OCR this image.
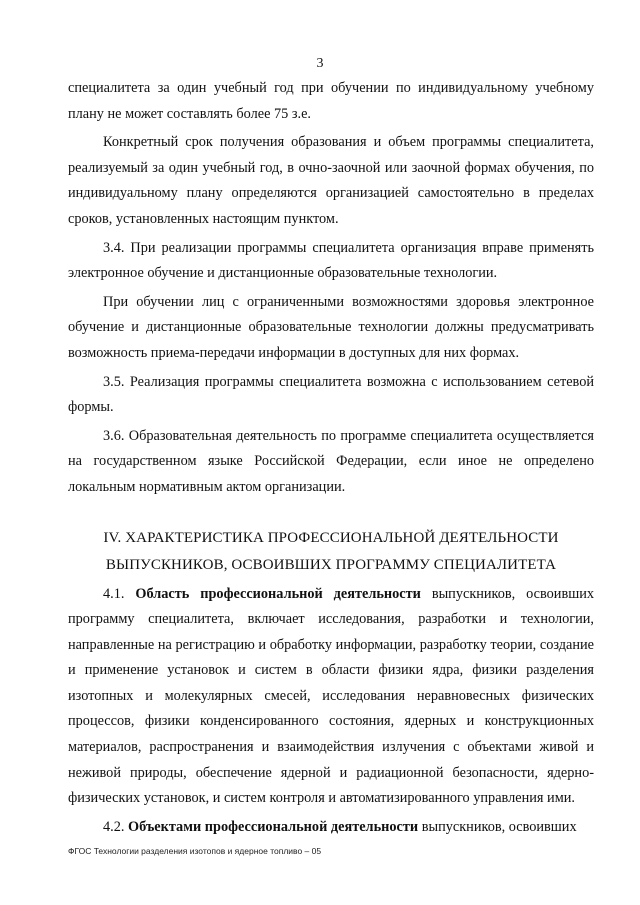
3

специалитета за один учебный год при обучении по индивидуальному учебному плану не может составлять более 75 з.е.

Конкретный срок получения образования и объем программы специалитета, реализуемый за один учебный год, в очно-заочной или заочной формах обучения, по индивидуальному плану определяются организацией самостоятельно в пределах сроков, установленных настоящим пунктом.

3.4. При реализации программы специалитета организация вправе применять электронное обучение и дистанционные образовательные технологии.

При обучении лиц с ограниченными возможностями здоровья электронное обучение и дистанционные образовательные технологии должны предусматривать возможность приема-передачи информации в доступных для них формах.

3.5. Реализация программы специалитета возможна с использованием сетевой формы.

3.6. Образовательная деятельность по программе специалитета осуществляется на государственном языке Российской Федерации, если иное не определено локальным нормативным актом организации.

IV. ХАРАКТЕРИСТИКА ПРОФЕССИОНАЛЬНОЙ ДЕЯТЕЛЬНОСТИ ВЫПУСКНИКОВ, ОСВОИВШИХ ПРОГРАММУ СПЕЦИАЛИТЕТА

4.1. Область профессиональной деятельности выпускников, освоивших программу специалитета, включает исследования, разработки и технологии, направленные на регистрацию и обработку информации, разработку теории, создание и применение установок и систем в области физики ядра, физики разделения изотопных и молекулярных смесей, исследования неравновесных физических процессов, физики конденсированного состояния, ядерных и конструкционных материалов, распространения и взаимодействия излучения с объектами живой и неживой природы, обеспечение ядерной и радиационной безопасности, ядерно-физических установок, и систем контроля и автоматизированного управления ими.

4.2. Объектами профессиональной деятельности выпускников, освоивших

ФГОС Технологии разделения изотопов и ядерное топливо – 05
